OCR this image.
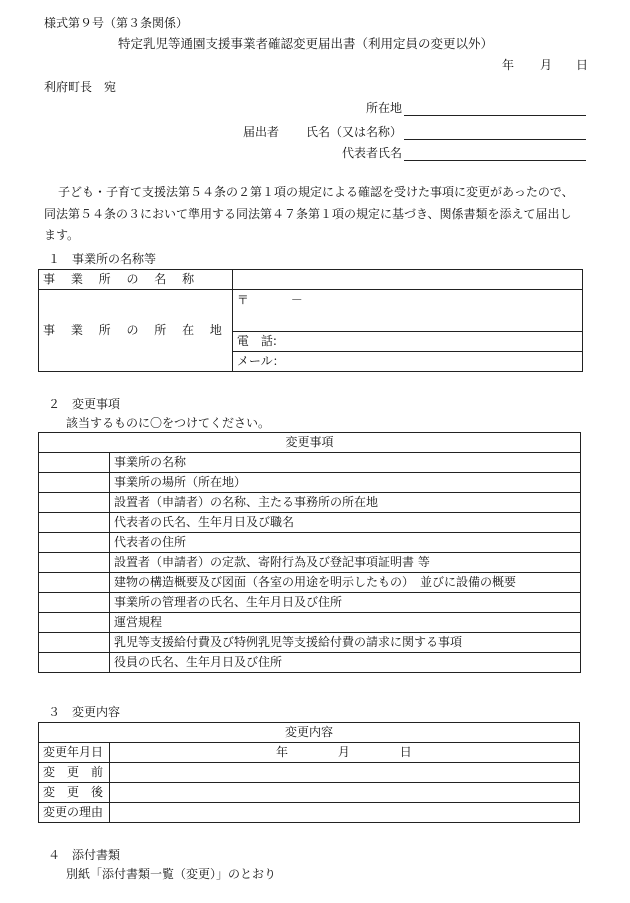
様式第９号（第３条関係）
特定乳児等通園支援事業者確認変更届出書（利用定員の変更以外）
年 月 日
利府町長　宛
所在地
届出者 氏名（又は名称）
代表者氏名
子ども・子育て支援法第５４条の２第１項の規定による確認を受けた事項に変更があったので、
同法第５４条の３において準用する同法第４７条第１項の規定に基づき、関係書類を添えて届出し
ます。
１　事業所の名称等
事 業 所 の 名 称	
事 業 所 の 所 在 地	〒 －
	電　話:
	メール：
２　変更事項
該当するものに〇をつけてください。
変更事項	
	事業所の名称
	事業所の場所（所在地）
	設置者（申請者）の名称、主たる事務所の所在地
	代表者の氏名、生年月日及び職名
	代表者の住所
	設置者（申請者）の定款、寄附行為及び登記事項証明書 等
	建物の構造概要及び図面（各室の用途を明示したもの）　並びに設備の概要
	事業所の管理者の氏名、生年月日及び住所
	運営規程
	乳児等支援給付費及び特例乳児等支援給付費の請求に関する事項
	役員の氏名、生年月日及び住所
３　変更内容
変更内容	
変更年月日	年 月 日
変　更　前	
変　更　後	
変更の理由	
４　添付書類
別紙「添付書類一覧（変更）」のとおり
